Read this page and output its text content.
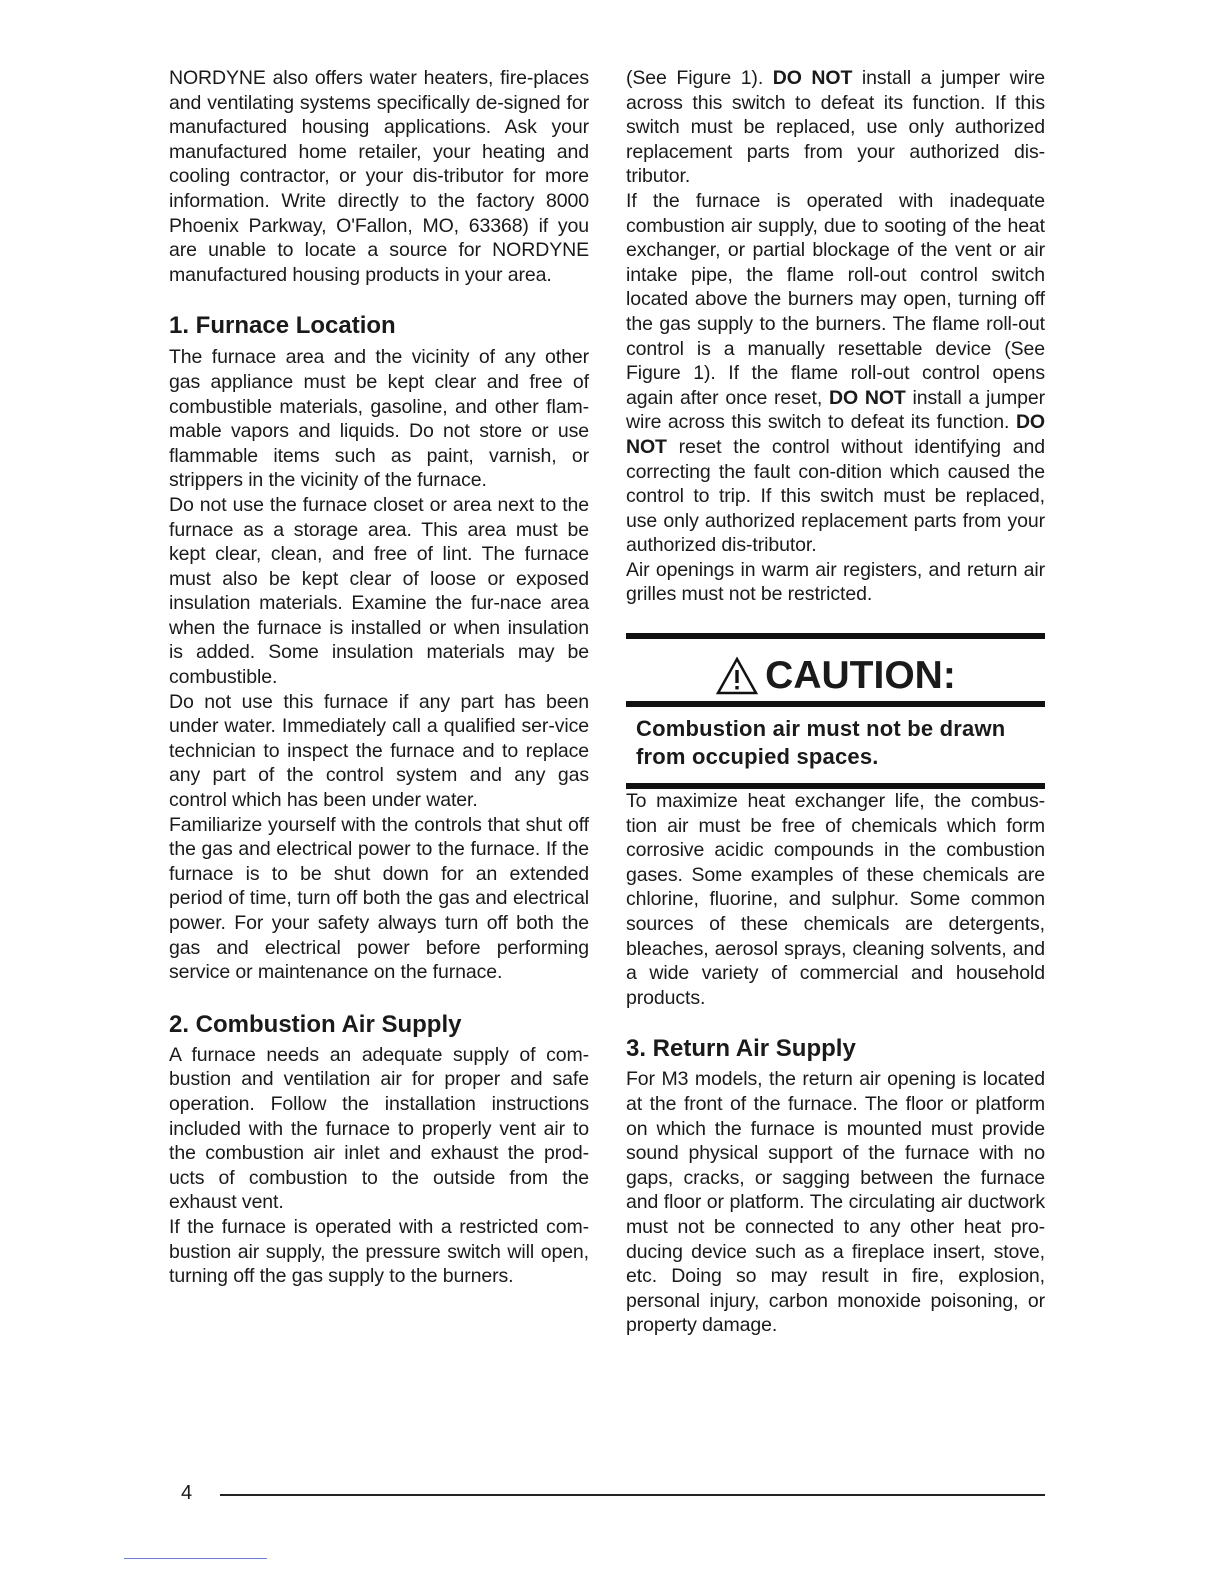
NORDYNE also offers water heaters, fire-places and ventilating systems specifically de-signed for manufactured housing applications. Ask your manufactured home retailer, your heating and cooling contractor, or your dis-tributor for more information. Write directly to the factory 8000 Phoenix Parkway, O'Fallon, MO, 63368) if you are unable to locate a source for NORDYNE manufactured housing products in your area.

1. Furnace Location

The furnace area and the vicinity of any other gas appliance must be kept clear and free of combustible materials, gasoline, and other flam-mable vapors and liquids. Do not store or use flammable items such as paint, varnish, or strippers in the vicinity of the furnace.

Do not use the furnace closet or area next to the furnace as a storage area. This area must be kept clear, clean, and free of lint. The furnace must also be kept clear of loose or exposed insulation materials. Examine the fur-nace area when the furnace is installed or when insulation is added. Some insulation materials may be combustible.

Do not use this furnace if any part has been under water. Immediately call a qualified ser-vice technician to inspect the furnace and to replace any part of the control system and any gas control which has been under water.

Familiarize yourself with the controls that shut off the gas and electrical power to the furnace. If the furnace is to be shut down for an extended period of time, turn off both the gas and electrical power. For your safety always turn off both the gas and electrical power before performing service or maintenance on the furnace.

2. Combustion Air Supply

A furnace needs an adequate supply of com-bustion and ventilation air for proper and safe operation. Follow the installation instructions included with the furnace to properly vent air to the combustion air inlet and exhaust the prod-ucts of combustion to the outside from the exhaust vent.

If the furnace is operated with a restricted com-bustion air supply, the pressure switch will open, turning off the gas supply to the burners.

(See Figure 1). DO NOT install a jumper wire across this switch to defeat its function. If this switch must be replaced, use only authorized replacement parts from your authorized dis-tributor.

If the furnace is operated with inadequate combustion air supply, due to sooting of the heat exchanger, or partial blockage of the vent or air intake pipe, the flame roll-out control switch located above the burners may open, turning off the gas supply to the burners. The flame roll-out control is a manually resettable device (See Figure 1). If the flame roll-out control opens again after once reset, DO NOT install a jumper wire across this switch to defeat its function. DO NOT reset the control without identifying and correcting the fault con-dition which caused the control to trip. If this switch must be replaced, use only authorized replacement parts from your authorized dis-tributor.

Air openings in warm air registers, and return air grilles must not be restricted.

CAUTION:
Combustion air must not be drawn from occupied spaces.

To maximize heat exchanger life, the combus-tion air must be free of chemicals which form corrosive acidic compounds in the combustion gases. Some examples of these chemicals are chlorine, fluorine, and sulphur. Some common sources of these chemicals are detergents, bleaches, aerosol sprays, cleaning solvents, and a wide variety of commercial and household products.

3. Return Air Supply

For M3 models, the return air opening is located at the front of the furnace. The floor or platform on which the furnace is mounted must provide sound physical support of the furnace with no gaps, cracks, or sagging between the furnace and floor or platform. The circulating air ductwork must not be connected to any other heat pro-ducing device such as a fireplace insert, stove, etc. Doing so may result in fire, explosion, personal injury, carbon monoxide poisoning, or property damage.

4
